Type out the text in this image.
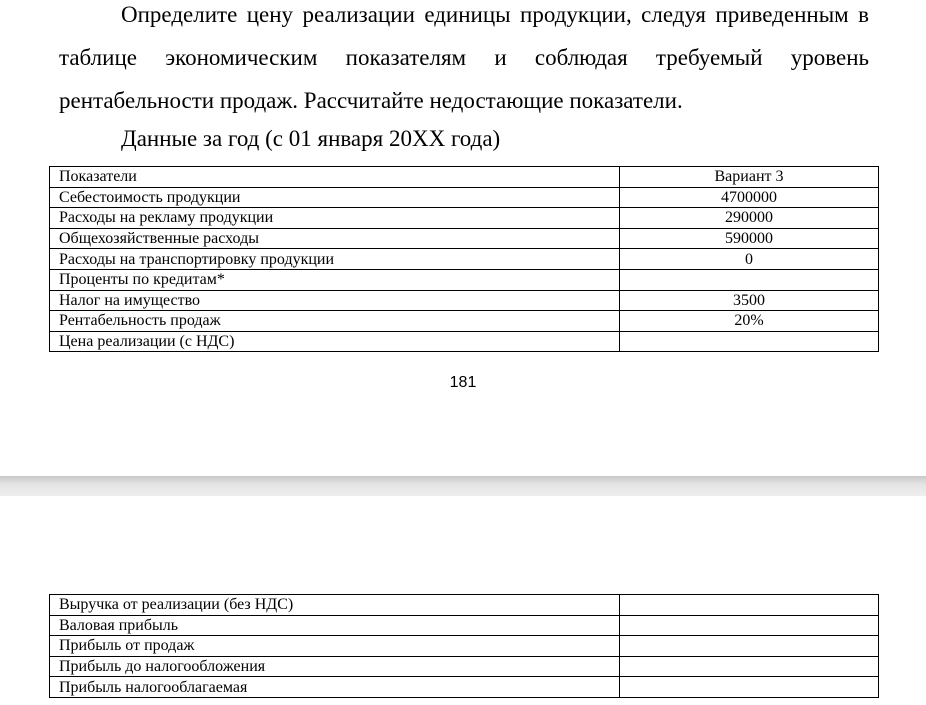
Определите цену реализации единицы продукции, следуя приведенным в таблице экономическим показателям и соблюдая требуемый уровень рентабельности продаж. Рассчитайте недостающие показатели.

Данные за год (с 01 января 20XX года)

Показатели	Вариант 3
Себестоимость продукции	4700000
Расходы на рекламу продукции	290000
Общехозяйственные расходы	590000
Расходы на транспортировку продукции	0
Проценты по кредитам*	
Налог на имущество	3500
Рентабельность продаж	20%
Цена реализации (с НДС)	
181
Выручка от реализации (без НДС)	
Валовая прибыль	
Прибыль от продаж	
Прибыль до налогообложения	
Прибыль налогооблагаемая	
